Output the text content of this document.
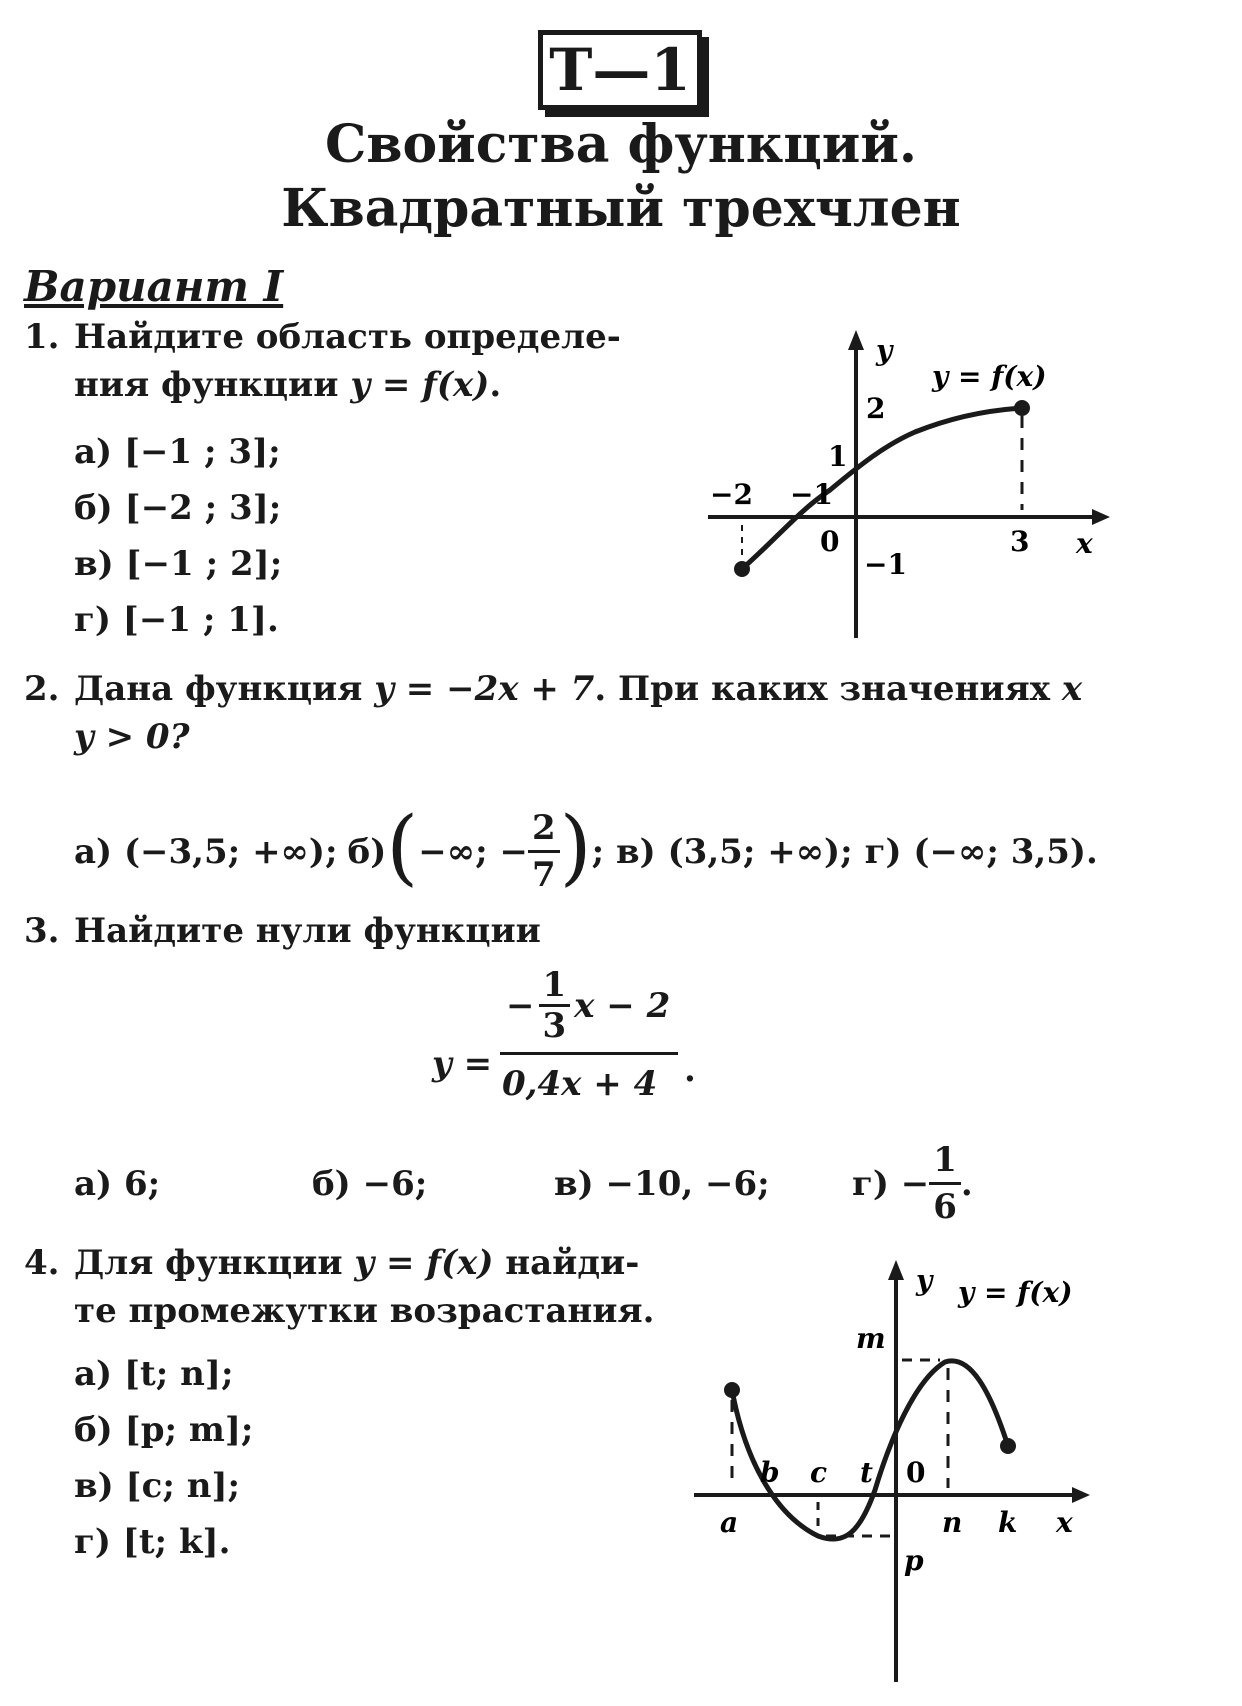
Т—1
Свойства функций.
Квадратный трехчлен
Вариант I
1. Найдите область определе-
ния функции y = f(x).
а) [−1 ; 3];
б) [−2 ; 3];
в) [−1 ; 2];
г) [−1 ; 1].
y
x
y = f(x)
−2 −1
0	3
1
2
−1
2. Дана функция y = −2x + 7. При каких значениях x
y > 0?
а) (−3,5; +∞); б) ( −∞; − $\frac{2}{7}$ ) ; в) (3,5; +∞); г) (−∞; 3,5).
3. Найдите нули функции
y =
− $\frac{1}{3}$ x − 2
0,4x + 4 .
а) 6;	б) −6;	в) −10, −6; $г) - \frac{1}{6}$ .
4. Для функции y = f(x) найди-
те промежутки возрастания.
а) [t; n];
б) [p; m];
в) [c; n];
г) [t; k].
y
x
y = f(x)
m
p
a
b c t 0
n k
